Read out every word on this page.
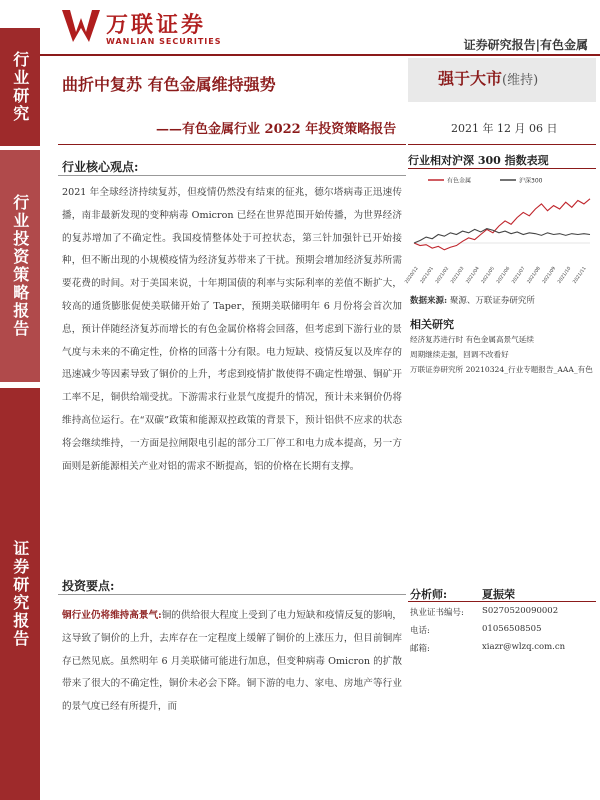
万联证券
WANLIAN SECURITIES	证券研究报告|有色金属
行业研究
行业投资策略报告
证券研究报告
曲折中复苏 有色金属维持强势
——有色金属行业 2022 年投资策略报告
强于大市(维持)
2021 年 12 月 06 日
行业核心观点:
2021 年全球经济持续复苏，但疫情仍然没有结束的征兆，德尔塔病毒正迅速传播，南非最新发现的变种病毒 Omicron 已经在世界范围开始传播，为世界经济的复苏增加了不确定性。我国疫情整体处于可控状态，第三针加强针已开始接种，但不断出现的小规模疫情为经济复苏带来了干扰。预期会增加经济复苏所需要花费的时间。对于美国来说，十年期国债的利率与实际利率的差值不断扩大，较高的通货膨胀促使美联储开始了 Taper，预期美联储明年 6 月份将会首次加息，预计伴随经济复苏而增长的有色金属价格将会回落，但考虑到下游行业的景气度与未来的不确定性，价格的回落十分有限。电力短缺、疫情反复以及库存的迅速减少等因素导致了铜价的上升，考虑到疫情扩散使得不确定性增强、铜矿开工率不足，铜供给端受扰。下游需求行业景气度提升的情况，预计未来铜价仍将维持高位运行。在“双碳”政策和能源双控政策的背景下，预计铝供不应求的状态将会继续维持，一方面是拉闸限电引起的部分工厂停工和电力成本提高，另一方面则是新能源相关产业对铝的需求不断提高，铝的价格在长期有支撑。
投资要点:
铜行业仍将维持高景气:铜的供给很大程度上受到了电力短缺和疫情反复的影响，这导致了铜价的上升，去库存在一定程度上缓解了铜价的上涨压力，但目前铜库存已然见底。虽然明年 6 月美联储可能进行加息，但变种病毒 Omicron 的扩散带来了很大的不确定性，铜价未必会下降。铜下游的电力、家电、房地产等行业的景气度已经有所提升，而
行业相对沪深 300 指数表现
有色金属	沪深300
2020/12 2021/01 2021/02 2021/03 2021/04 2021/05 2021/06 2021/07 2021/08 2021/09 2021/10 2021/11
数据来源: 聚源、万联证券研究所
相关研究
经济复苏进行时 有色金属高景气延续
周期继续走强，回调不改看好
万联证券研究所 20210324_行业专题报告_AAA_有色
分析师:	夏振荣
执业证书编号: S0270520090002
电话:	01056508505
邮箱:	xiazr@wlzq.com.cn
